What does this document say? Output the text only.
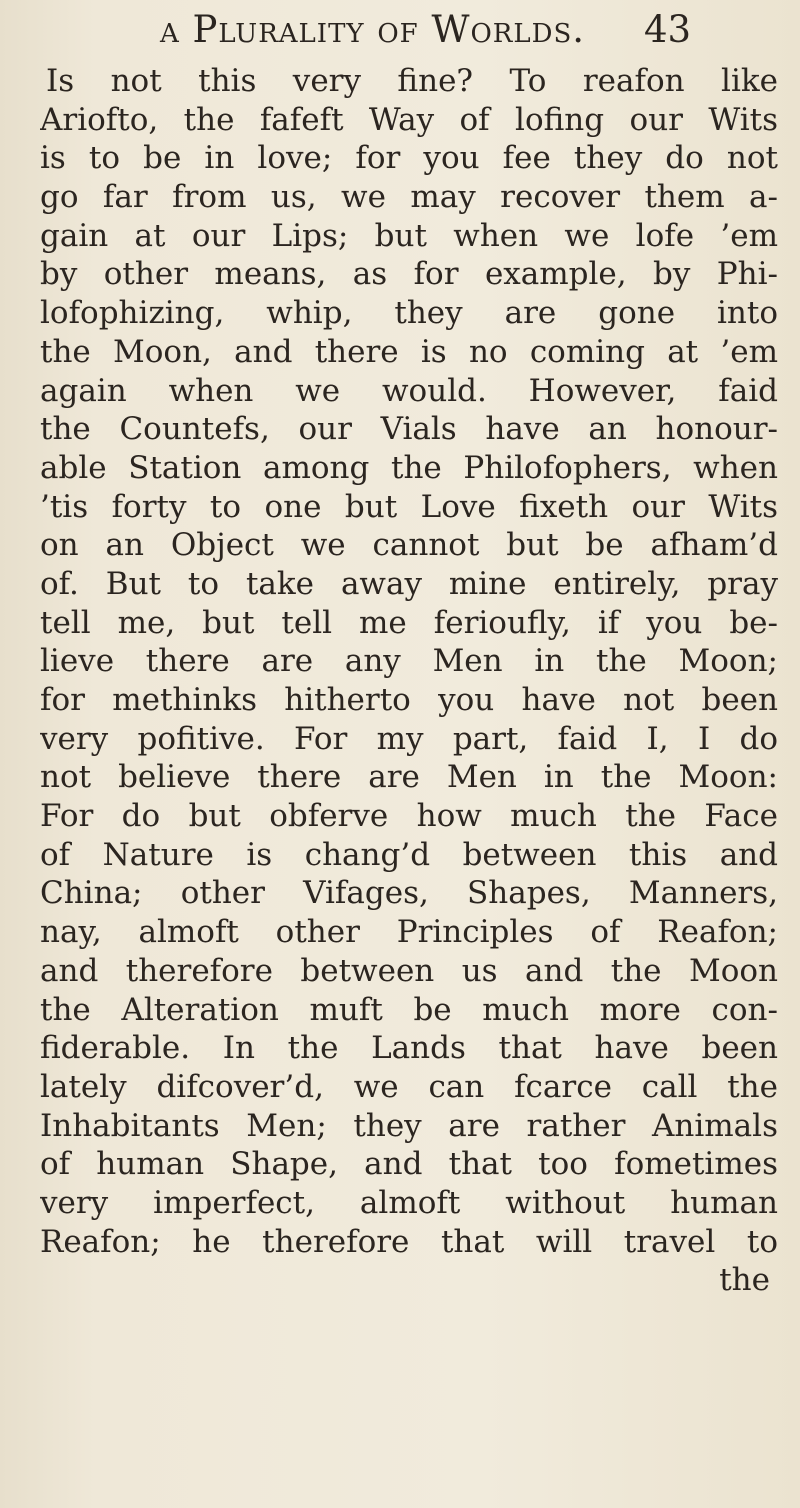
a Plurality of Worlds. 43
Is not this very fine? To reafon like
Ariofto, the fafeft Way of lofing our Wits
is to be in love; for you fee they do not
go far from us, we may recover them a-
gain at our Lips; but when we lofe ’em
by other means, as for example, by Phi-
lofophizing, whip, they are gone into
the Moon, and there is no coming at ’em
again when we would. However, faid
the Countefs, our Vials have an honour-
able Station among the Philofophers, when
’tis forty to one but Love fixeth our Wits
on an Object we cannot but be afham’d
of. But to take away mine entirely, pray
tell me, but tell me ferioufly, if you be-
lieve there are any Men in the Moon;
for methinks hitherto you have not been
very pofitive. For my part, faid I, I do
not believe there are Men in the Moon:
For do but obferve how much the Face
of Nature is chang’d between this and
China; other Vifages, Shapes, Manners,
nay, almoft other Principles of Reafon;
and therefore between us and the Moon
the Alteration muft be much more con-
fiderable. In the Lands that have been
lately difcover’d, we can fcarce call the
Inhabitants Men; they are rather Animals
of human Shape, and that too fometimes
very imperfect, almoft without human
Reafon; he therefore that will travel to
the
